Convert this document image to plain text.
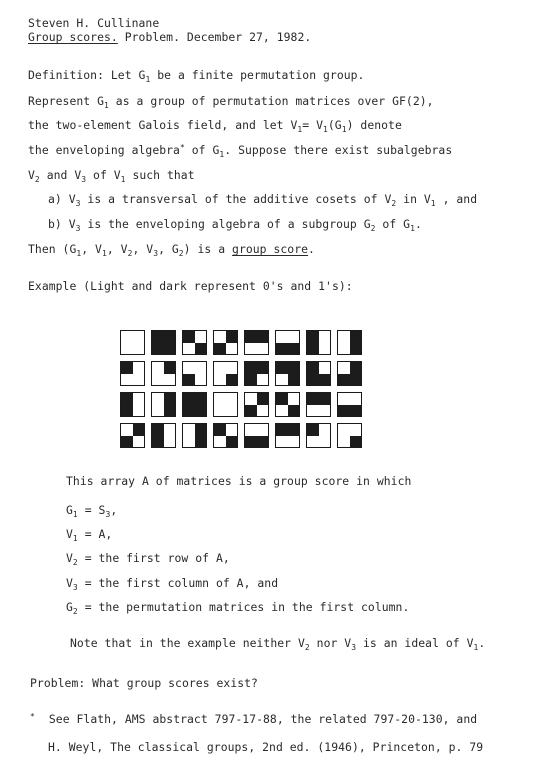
Steven H. Cullinane
Group scores. Problem. December 27, 1982.
Definition: Let $G_1$ be a finite permutation group.
Represent $G_1$ as a group of permutation matrices over GF(2),
the two-element Galois field, and let $V_1= V_1(G_1)$ denote
the enveloping algebra* of $G_1$. Suppose there exist subalgebras
$V_2$ and $V_3$ of $V_1$ such that
a) $V_3$ is a transversal of the additive cosets of $V_2$ in $V_1$ , and
b) $V_3$ is the enveloping algebra of a subgroup $G_2$ of $G_1$.
Then ($G_1$, $V_1$, $V_2$, $V_3$, $G_2$) is a group score.
Example (Light and dark represent 0's and 1's):
This array A of matrices is a group score in which
$G_1 = S_3$,
$V_1 = A$,
$V_2$ = the first row of A,
$V_3$ = the first column of A, and
$G_2$ = the permutation matrices in the first column.
Note that in the example neither $V_2$ nor $V_3$ is an ideal of $V_1$.
Problem: What group scores exist?
* See Flath, AMS abstract 797-17-88, the related 797-20-130, and
H. Weyl, The classical groups, 2nd ed. (1946), Princeton, p. 79
